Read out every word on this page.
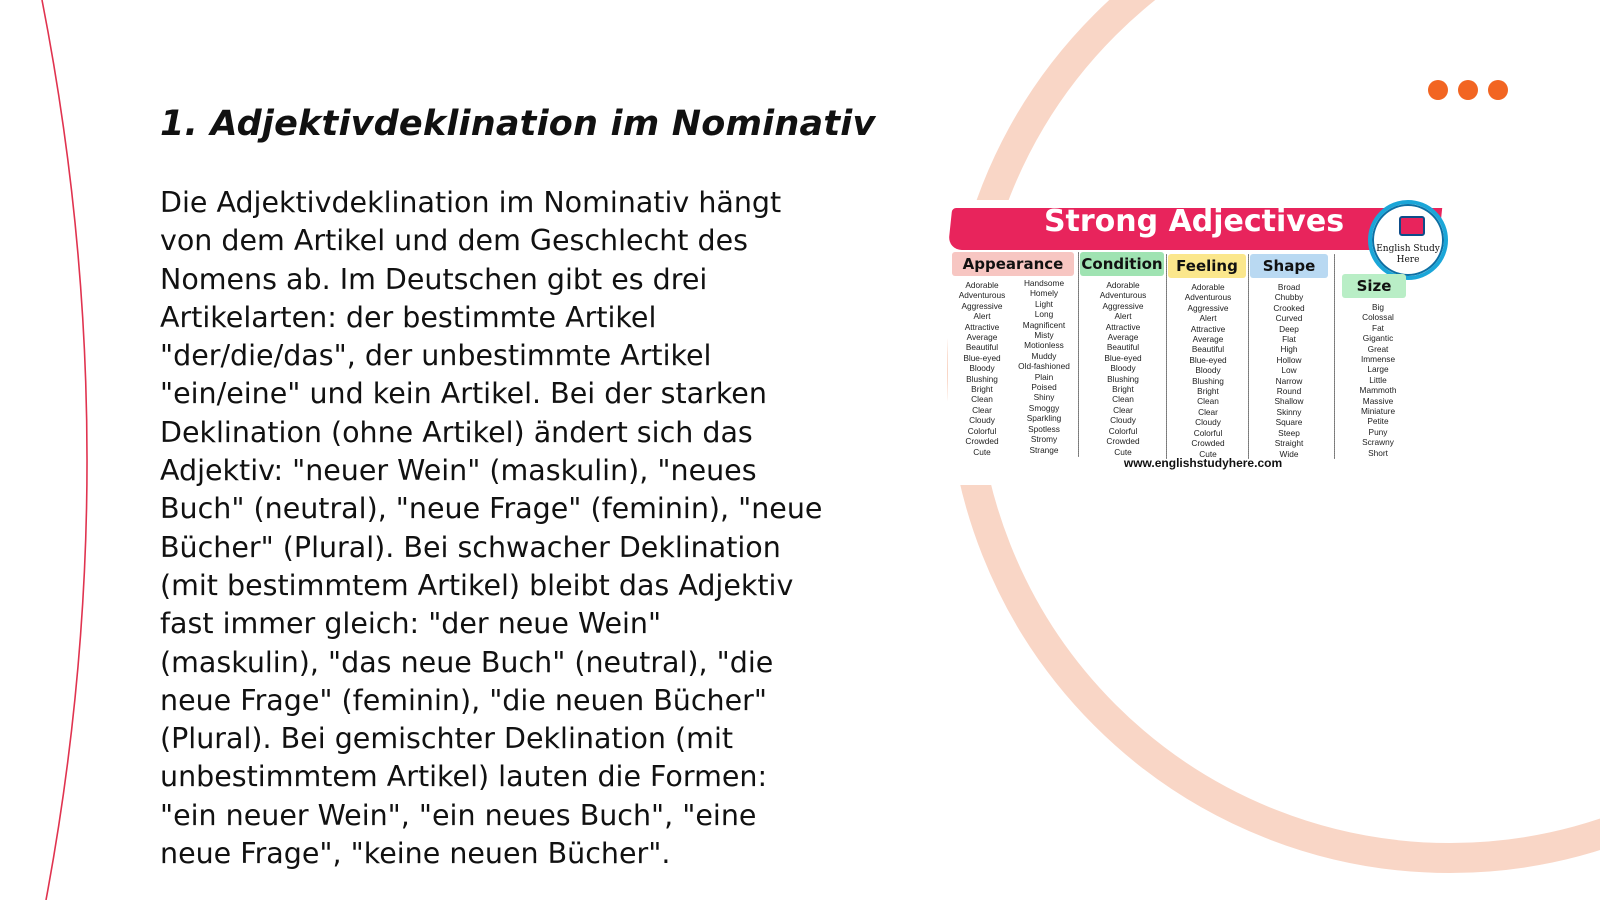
1. Adjektivdeklination im Nominativ

Die Adjektivdeklination im Nominativ hängt von dem Artikel und dem Geschlecht des Nomens ab. Im Deutschen gibt es drei Artikelarten: der bestimmte Artikel "der/die/das", der unbestimmte Artikel "ein/eine" und kein Artikel. Bei der starken Deklination (ohne Artikel) ändert sich das Adjektiv: "neuer Wein" (maskulin), "neues Buch" (neutral), "neue Frage" (feminin), "neue Bücher" (Plural). Bei schwacher Deklination (mit bestimmtem Artikel) bleibt das Adjektiv fast immer gleich: "der neue Wein" (maskulin), "das neue Buch" (neutral), "die neue Frage" (feminin), "die neuen Bücher" (Plural). Bei gemischter Deklination (mit unbestimmtem Artikel) lauten die Formen: "ein neuer Wein", "ein neues Buch", "eine neue Frage", "keine neuen Bücher".

Strong Adjectives
English Study Here
Appearance	Condition Feeling	Shape
Size
Adorable
Adventurous
Aggressive
Alert
Attractive
Average
Beautiful
Blue-eyed
Bloody
Blushing
Bright
Clean
Clear
Cloudy
Colorful
Crowded
Cute
Handsome
Homely
Light
Long
Magnificent
Misty
Motionless
Muddy
Old-fashioned
Plain
Poised
Shiny
Smoggy
Sparkling
Spotless
Stromy
Strange
Adorable
Adventurous
Aggressive
Alert
Attractive
Average
Beautiful
Blue-eyed
Bloody
Blushing
Bright
Clean
Clear
Cloudy
Colorful
Crowded
Cute
Adorable
Adventurous
Aggressive
Alert
Attractive
Average
Beautiful
Blue-eyed
Bloody
Blushing
Bright
Clean
Clear
Cloudy
Colorful
Crowded
Cute
Broad
Chubby
Crooked
Curved
Deep
Flat
High
Hollow
Low
Narrow
Round
Shallow
Skinny
Square
Steep
Straight
Wide
Big
Colossal
Fat
Gigantic
Great
Immense
Large
Little
Mammoth
Massive
Miniature
Petite
Puny
Scrawny
Short
www.englishstudyhere.com
